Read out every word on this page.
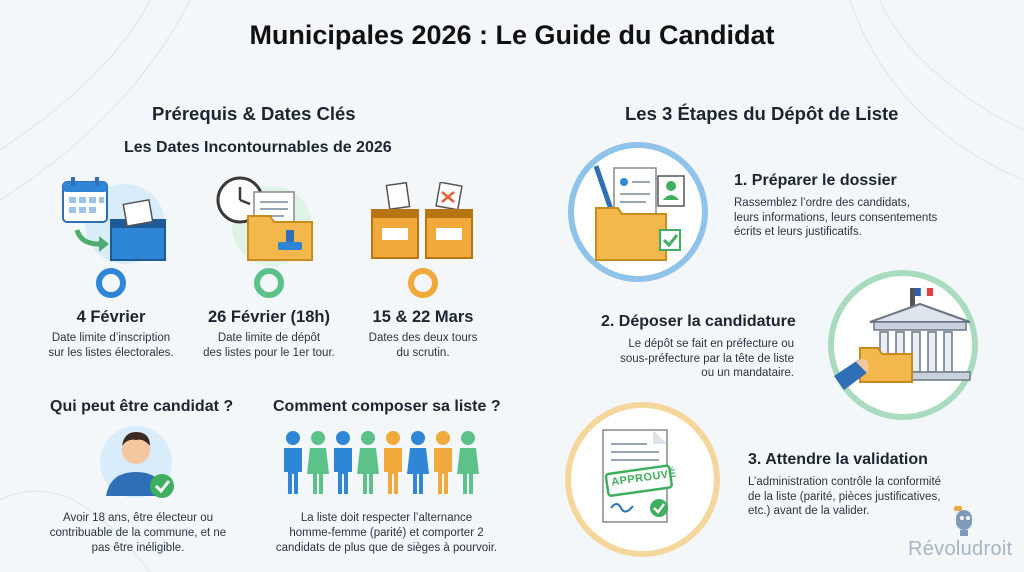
Municipales 2026 : Le Guide du Candidat
Prérequis & Dates Clés
Les Dates Incontournables de 2026
4 Février	26 Février (18h)	15 & 22 Mars
Date limite d’inscription
sur les listes électorales.
Date limite de dépôt
des listes pour le 1er tour.
Dates des deux tours
du scrutin.
Qui peut être candidat ?
Avoir 18 ans, être électeur ou
contribuable de la commune, et ne
pas être inéligible.
Comment composer sa liste ?
La liste doit respecter l’alternance
homme-femme (parité) et comporter 2
candidats de plus que de sièges à pourvoir.
Les 3 Étapes du Dépôt de Liste
1. Préparer le dossier
Rassemblez l’ordre des candidats,
leurs informations, leurs consentements
écrits et leurs justificatifs.
2. Déposer la candidature
Le dépôt se fait en préfecture ou
sous-préfecture par la tête de liste
ou un mandataire.
APPROUVÉ
3. Attendre la validation
L’administration contrôle la conformité
de la liste (parité, pièces justificatives,
etc.) avant de la valider.
Révoludroit
